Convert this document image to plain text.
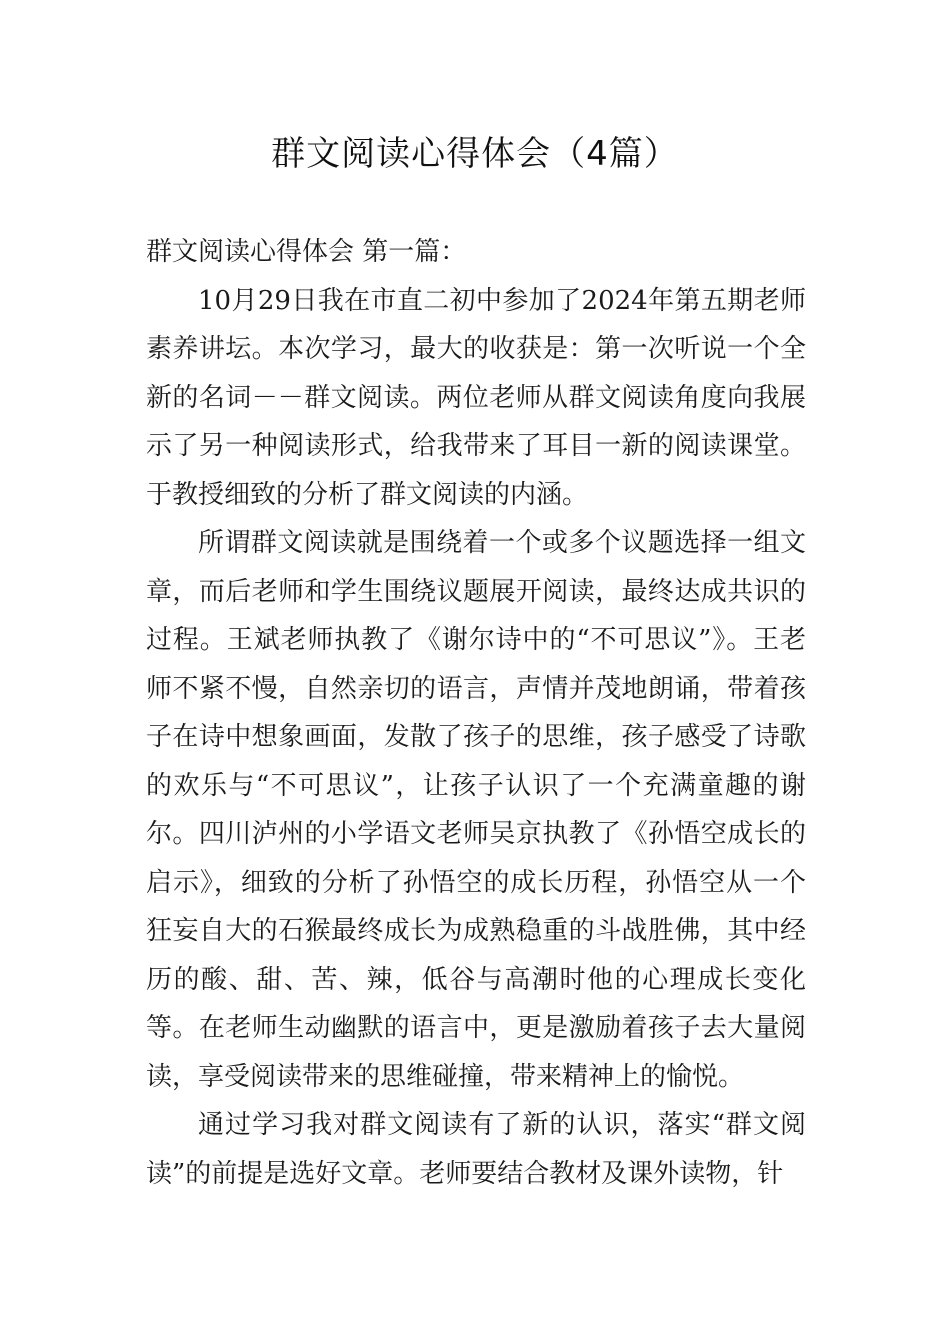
群文阅读心得体会（4篇）

群文阅读心得体会 第一篇：

10月29日我在市直二初中参加了2024年第五期老师素养讲坛。本次学习，最大的收获是：第一次听说一个全新的名词－－群文阅读。两位老师从群文阅读角度向我展示了另一种阅读形式，给我带来了耳目一新的阅读课堂。于教授细致的分析了群文阅读的内涵。

所谓群文阅读就是围绕着一个或多个议题选择一组文章，而后老师和学生围绕议题展开阅读，最终达成共识的过程。王斌老师执教了《谢尔诗中的“不可思议”》。王老师不紧不慢，自然亲切的语言，声情并茂地朗诵，带着孩子在诗中想象画面，发散了孩子的思维，孩子感受了诗歌的欢乐与“不可思议”，让孩子认识了一个充满童趣的谢尔。四川泸州的小学语文老师吴京执教了《孙悟空成长的启示》，细致的分析了孙悟空的成长历程，孙悟空从一个狂妄自大的石猴最终成长为成熟稳重的斗战胜佛，其中经历的酸、甜、苦、辣，低谷与高潮时他的心理成长变化等。在老师生动幽默的语言中，更是激励着孩子去大量阅读，享受阅读带来的思维碰撞，带来精神上的愉悦。

通过学习我对群文阅读有了新的认识，落实“群文阅读”的前提是选好文章。老师要结合教材及课外读物，针
